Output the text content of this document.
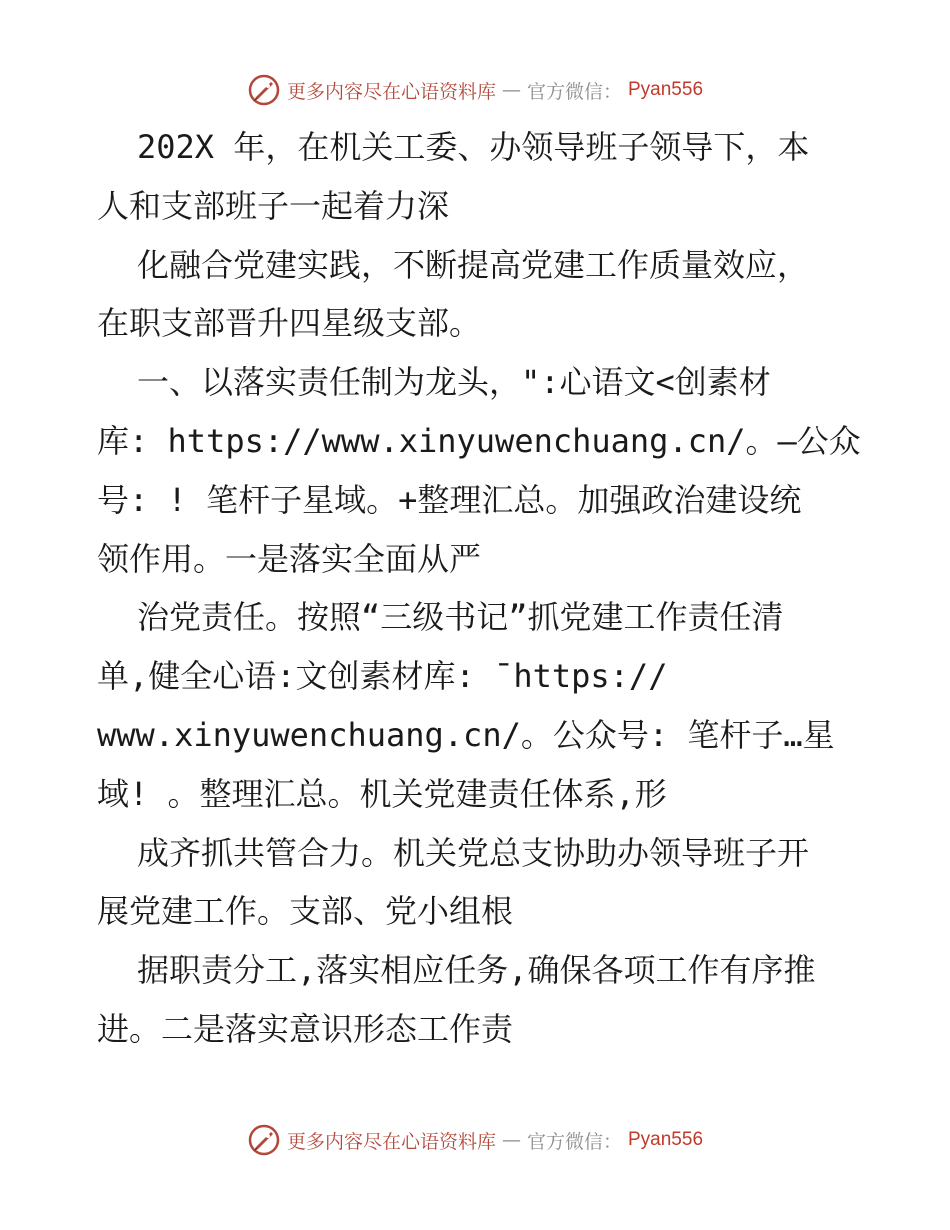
更多内容尽在心语资料库 — 官方微信： Pyan556
202X 年，在机关工委、办领导班子领导下，本
人和支部班子一起着力深
化融合党建实践，不断提高党建工作质量效应，
在职支部晋升四星级支部。
一、以落实责任制为龙头，":心语文<创素材
库: https://www.xinyuwenchuang.cn/。—公众
号: ! 笔杆子星域。+整理汇总。加强政治建设统
领作用。一是落实全面从严
治党责任。按照“三级书记”抓党建工作责任清
单,健全心语:文创素材库: ¯https://
www.xinyuwenchuang.cn/。公众号: 笔杆子…星
域! 。整理汇总。机关党建责任体系,形
成齐抓共管合力。机关党总支协助办领导班子开
展党建工作。支部、党小组根
据职责分工,落实相应任务,确保各项工作有序推
进。二是落实意识形态工作责
更多内容尽在心语资料库 — 官方微信： Pyan556
